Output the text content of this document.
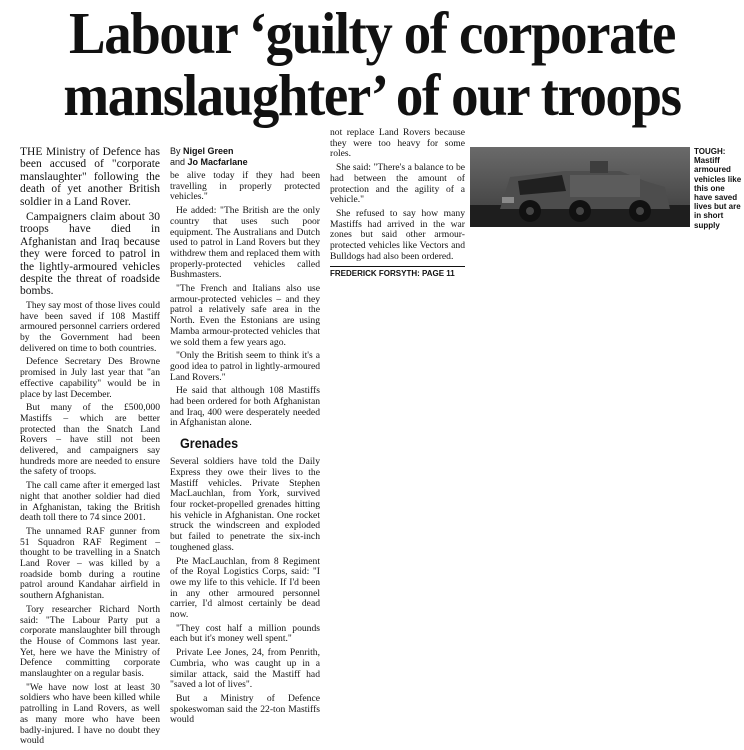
Labour ‘guilty of corporate
manslaughter’ of our troops

THE Ministry of Defence has been accused of "corporate manslaughter" following the death of yet another British soldier in a Land Rover.

Campaigners claim about 30 troops have died in Afghanistan and Iraq because they were forced to patrol in the lightly-armoured vehicles despite the threat of roadside bombs.

They say most of those lives could have been saved if 108 Mastiff armoured personnel carriers ordered by the Government had been delivered on time to both countries.

Defence Secretary Des Browne promised in July last year that "an effective capability" would be in place by last December.

But many of the £500,000 Mastiffs – which are better protected than the Snatch Land Rovers – have still not been delivered, and campaigners say hundreds more are needed to ensure the safety of troops.

The call came after it emerged last night that another soldier had died in Afghanistan, taking the British death toll there to 74 since 2001.

The unnamed RAF gunner from 51 Squadron RAF Regiment – thought to be travelling in a Snatch Land Rover – was killed by a roadside bomb during a routine patrol around Kandahar airfield in southern Afghanistan.

Tory researcher Richard North said: "The Labour Party put a corporate manslaughter bill through the House of Commons last year. Yet, here we have the Ministry of Defence committing corporate manslaughter on a regular basis.

"We have now lost at least 30 soldiers who have been killed while patrolling in Land Rovers, as well as many more who have been badly-injured. I have no doubt they would

By Nigel Green
and Jo Macfarlane

be alive today if they had been travelling in properly protected vehicles."

He added: "The British are the only country that uses such poor equipment. The Australians and Dutch used to patrol in Land Rovers but they withdrew them and replaced them with properly-protected vehicles called Bushmasters.

"The French and Italians also use armour-protected vehicles – and they patrol a relatively safe area in the North. Even the Estonians are using Mamba armour-protected vehicles that we sold them a few years ago.

"Only the British seem to think it's a good idea to patrol in lightly-armoured Land Rovers."

He said that although 108 Mastiffs had been ordered for both Afghanistan and Iraq, 400 were desperately needed in Afghanistan alone.

Grenades

Several soldiers have told the Daily Express they owe their lives to the Mastiff vehicles. Private Stephen MacLauchlan, from York, survived four rocket-propelled grenades hitting his vehicle in Afghanistan. One rocket struck the windscreen and exploded but failed to penetrate the six-inch toughened glass.

Pte MacLauchlan, from 8 Regiment of the Royal Logistics Corps, said: "I owe my life to this vehicle. If I'd been in any other armoured personnel carrier, I'd almost certainly be dead now.

"They cost half a million pounds each but it's money well spent."

Private Lee Jones, 24, from Penrith, Cumbria, who was caught up in a similar attack, said the Mastiff had "saved a lot of lives".

But a Ministry of Defence spokeswoman said the 22-ton Mastiffs would

not replace Land Rovers because they were too heavy for some roles.

She said: "There's a balance to be had between the amount of protection and the agility of a vehicle."

She refused to say how many Mastiffs had arrived in the war zones but said other armour-protected vehicles like Vectors and Bulldogs had also been ordered.

FREDERICK FORSYTH: PAGE 11
TOUGH:
Mastiff armoured vehicles like this one have saved lives but are in short supply
